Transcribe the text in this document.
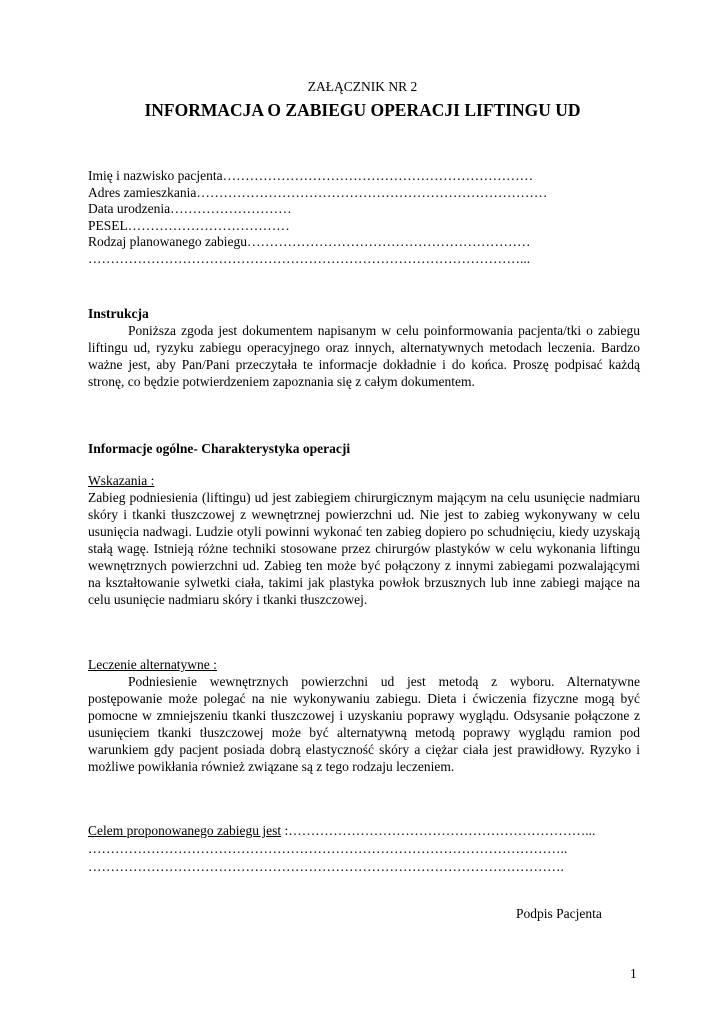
ZAŁĄCZNIK NR 2
INFORMACJA O ZABIEGU OPERACJI LIFTINGU UD
Imię i nazwisko pacjenta……………………………………………………………
Adres zamieszkania……………………………………………………………………
Data urodzenia………………………
PESEL………………………………
Rodzaj planowanego zabiegu………………………………………………………
……………………………………………………………………………………...
Instrukcja
Poniższa zgoda jest dokumentem napisanym w celu poinformowania pacjenta/tki o zabiegu liftingu ud, ryzyku zabiegu operacyjnego oraz innych, alternatywnych metodach leczenia. Bardzo ważne jest, aby Pan/Pani przeczytała te informacje dokładnie i do końca. Proszę podpisać każdą stronę, co będzie potwierdzeniem zapoznania się z całym dokumentem.
Informacje ogólne- Charakterystyka operacji
Wskazania :
Zabieg podniesienia (liftingu) ud jest zabiegiem chirurgicznym mającym na celu usunięcie nadmiaru skóry i tkanki tłuszczowej z wewnętrznej powierzchni ud. Nie jest to zabieg wykonywany w celu usunięcia nadwagi. Ludzie otyli powinni wykonać ten zabieg dopiero po schudnięciu, kiedy uzyskają stałą wagę. Istnieją różne techniki stosowane przez chirurgów plastyków w celu wykonania liftingu wewnętrznych powierzchni ud. Zabieg ten może być połączony z innymi zabiegami pozwalającymi na kształtowanie sylwetki ciała, takimi jak plastyka powłok brzusznych lub inne zabiegi mające na celu usunięcie nadmiaru skóry i tkanki tłuszczowej.
Leczenie alternatywne :
Podniesienie wewnętrznych powierzchni ud jest metodą z wyboru. Alternatywne postępowanie może polegać na nie wykonywaniu zabiegu. Dieta i ćwiczenia fizyczne mogą być pomocne w zmniejszeniu tkanki tłuszczowej i uzyskaniu poprawy wyglądu. Odsysanie połączone z usunięciem tkanki tłuszczowej może być alternatywną metodą poprawy wyglądu ramion pod warunkiem gdy pacjent posiada dobrą elastyczność skóry a ciężar ciała jest prawidłowy. Ryzyko i możliwe powikłania również związane są z tego rodzaju leczeniem.
Celem proponowanego zabiegu jest :…………………………………………………………...
……………………………………………………………………………………………..
…………………………………………………………………………………………….
Podpis Pacjenta
1
